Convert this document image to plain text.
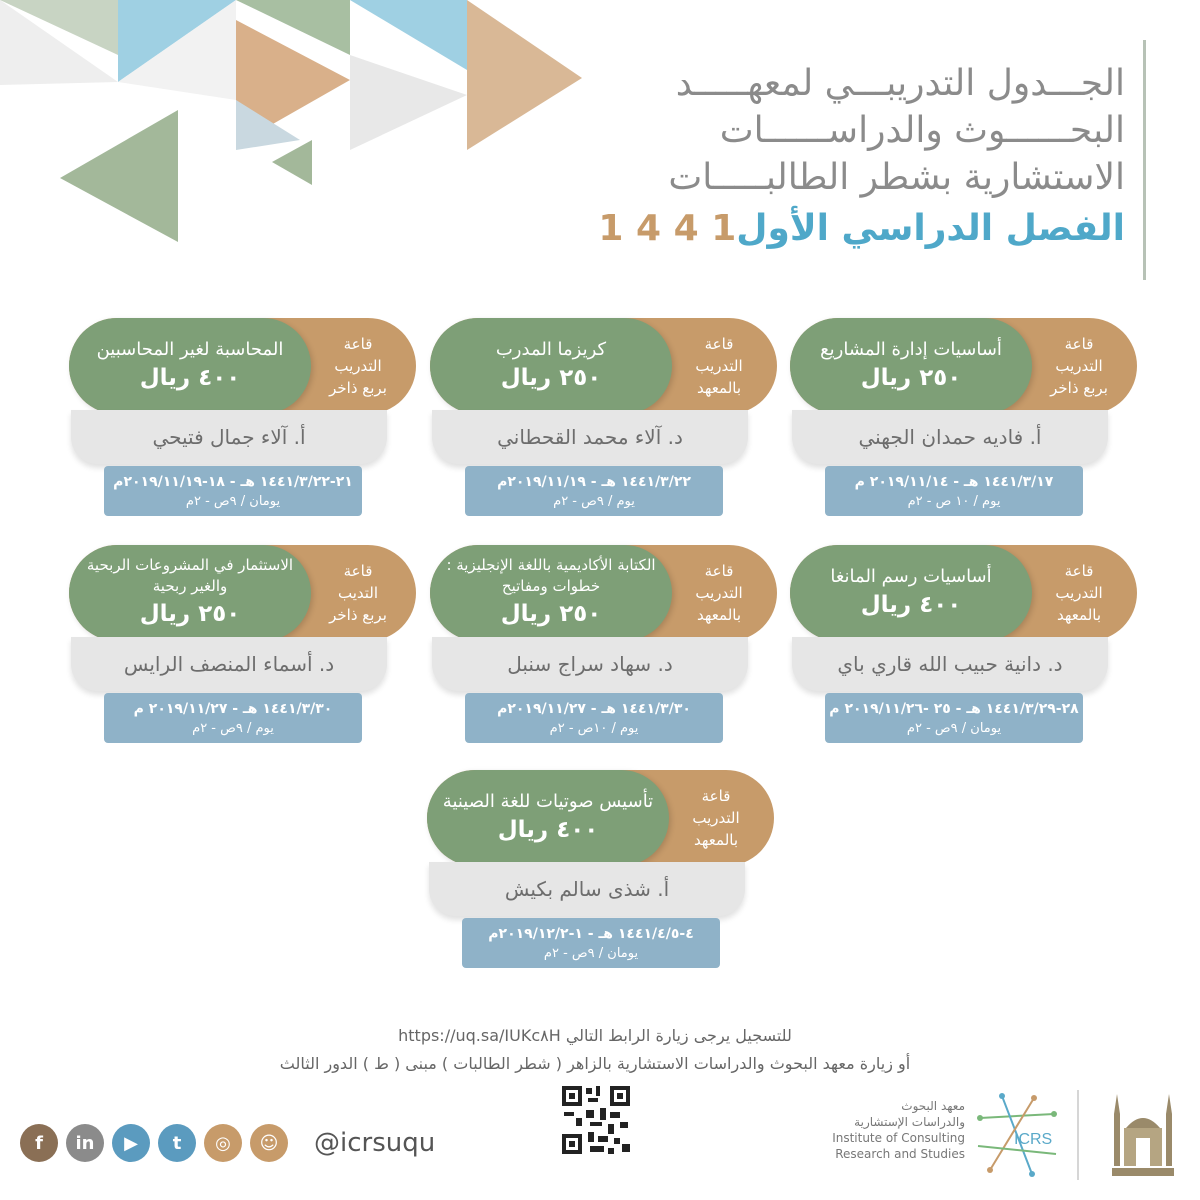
الجـــدول التدريبـــي لمعهـــــد
البحــــــوث والدراســــــات
الاستشارية بشطر الطالبـــــات
الفصل الدراسي الأول1 4 4 1
قاعة
التدريب
بربع ذاخر
أساسيات إدارة المشاريع
٢٥٠ ريال
أ. فاديه حمدان الجهني
١٤٤١/٣/١٧ هـ - ٢٠١٩/١١/١٤ م
يوم / ١٠ ص - ٢م
قاعة
التدريب
بالمعهد
كريزما المدرب
٢٥٠ ريال
د. آلاء محمد القحطاني
١٤٤١/٣/٢٢ هـ - ٢٠١٩/١١/١٩م
يوم / ٩ص - ٢م
قاعة
التدريب
بربع ذاخر
المحاسبة لغير المحاسبين
٤٠٠ ريال
أ. آلاء جمال فتيحي
٢١-١٤٤١/٣/٢٢ هـ - ١٨-٢٠١٩/١١/١٩م
يومان / ٩ص - ٢م
قاعة
التدريب
بالمعهد
أساسيات رسم المانغا
٤٠٠ ريال
د. دانية حبيب الله قاري باي
٢٨-١٤٤١/٣/٢٩ هـ - ٢٥ -٢٠١٩/١١/٢٦ م
يومان / ٩ص - ٢م
قاعة
التدريب
بالمعهد
الكتابة الأكاديمية باللغة الإنجليزية : خطوات ومفاتيح
٢٥٠ ريال
د. سهاد سراج سنبل
١٤٤١/٣/٣٠ هـ - ٢٠١٩/١١/٢٧م
يوم / ١٠ص - ٢م
قاعة
التديب
بربع ذاخر
الاستثمار في المشروعات الربحية والغير ربحية
٢٥٠ ريال
د. أسماء المنصف الرايس
١٤٤١/٣/٣٠ هـ - ٢٠١٩/١١/٢٧ م
يوم / ٩ص - ٢م
قاعة
التدريب
بالمعهد
تأسيس صوتيات للغة الصينية
٤٠٠ ريال
أ. شذى سالم بكيش
٤-١٤٤١/٤/٥ هـ - ١-٢٠١٩/١٢/٢م
يومان / ٩ص - ٢م
للتسجيل يرجى زيارة الرابط التالي https://uq.sa/IUKc٨H
أو زيارة معهد البحوث والدراسات الاستشارية بالزاهر ( شطر الطالبات ) مبنى ( ط ) الدور الثالث
f	in	▶	t	◎	☺	@icrsuqu
معهد البحوث
والدراسات الإستشارية
Institute of Consulting
Research and Studies
ICRS
